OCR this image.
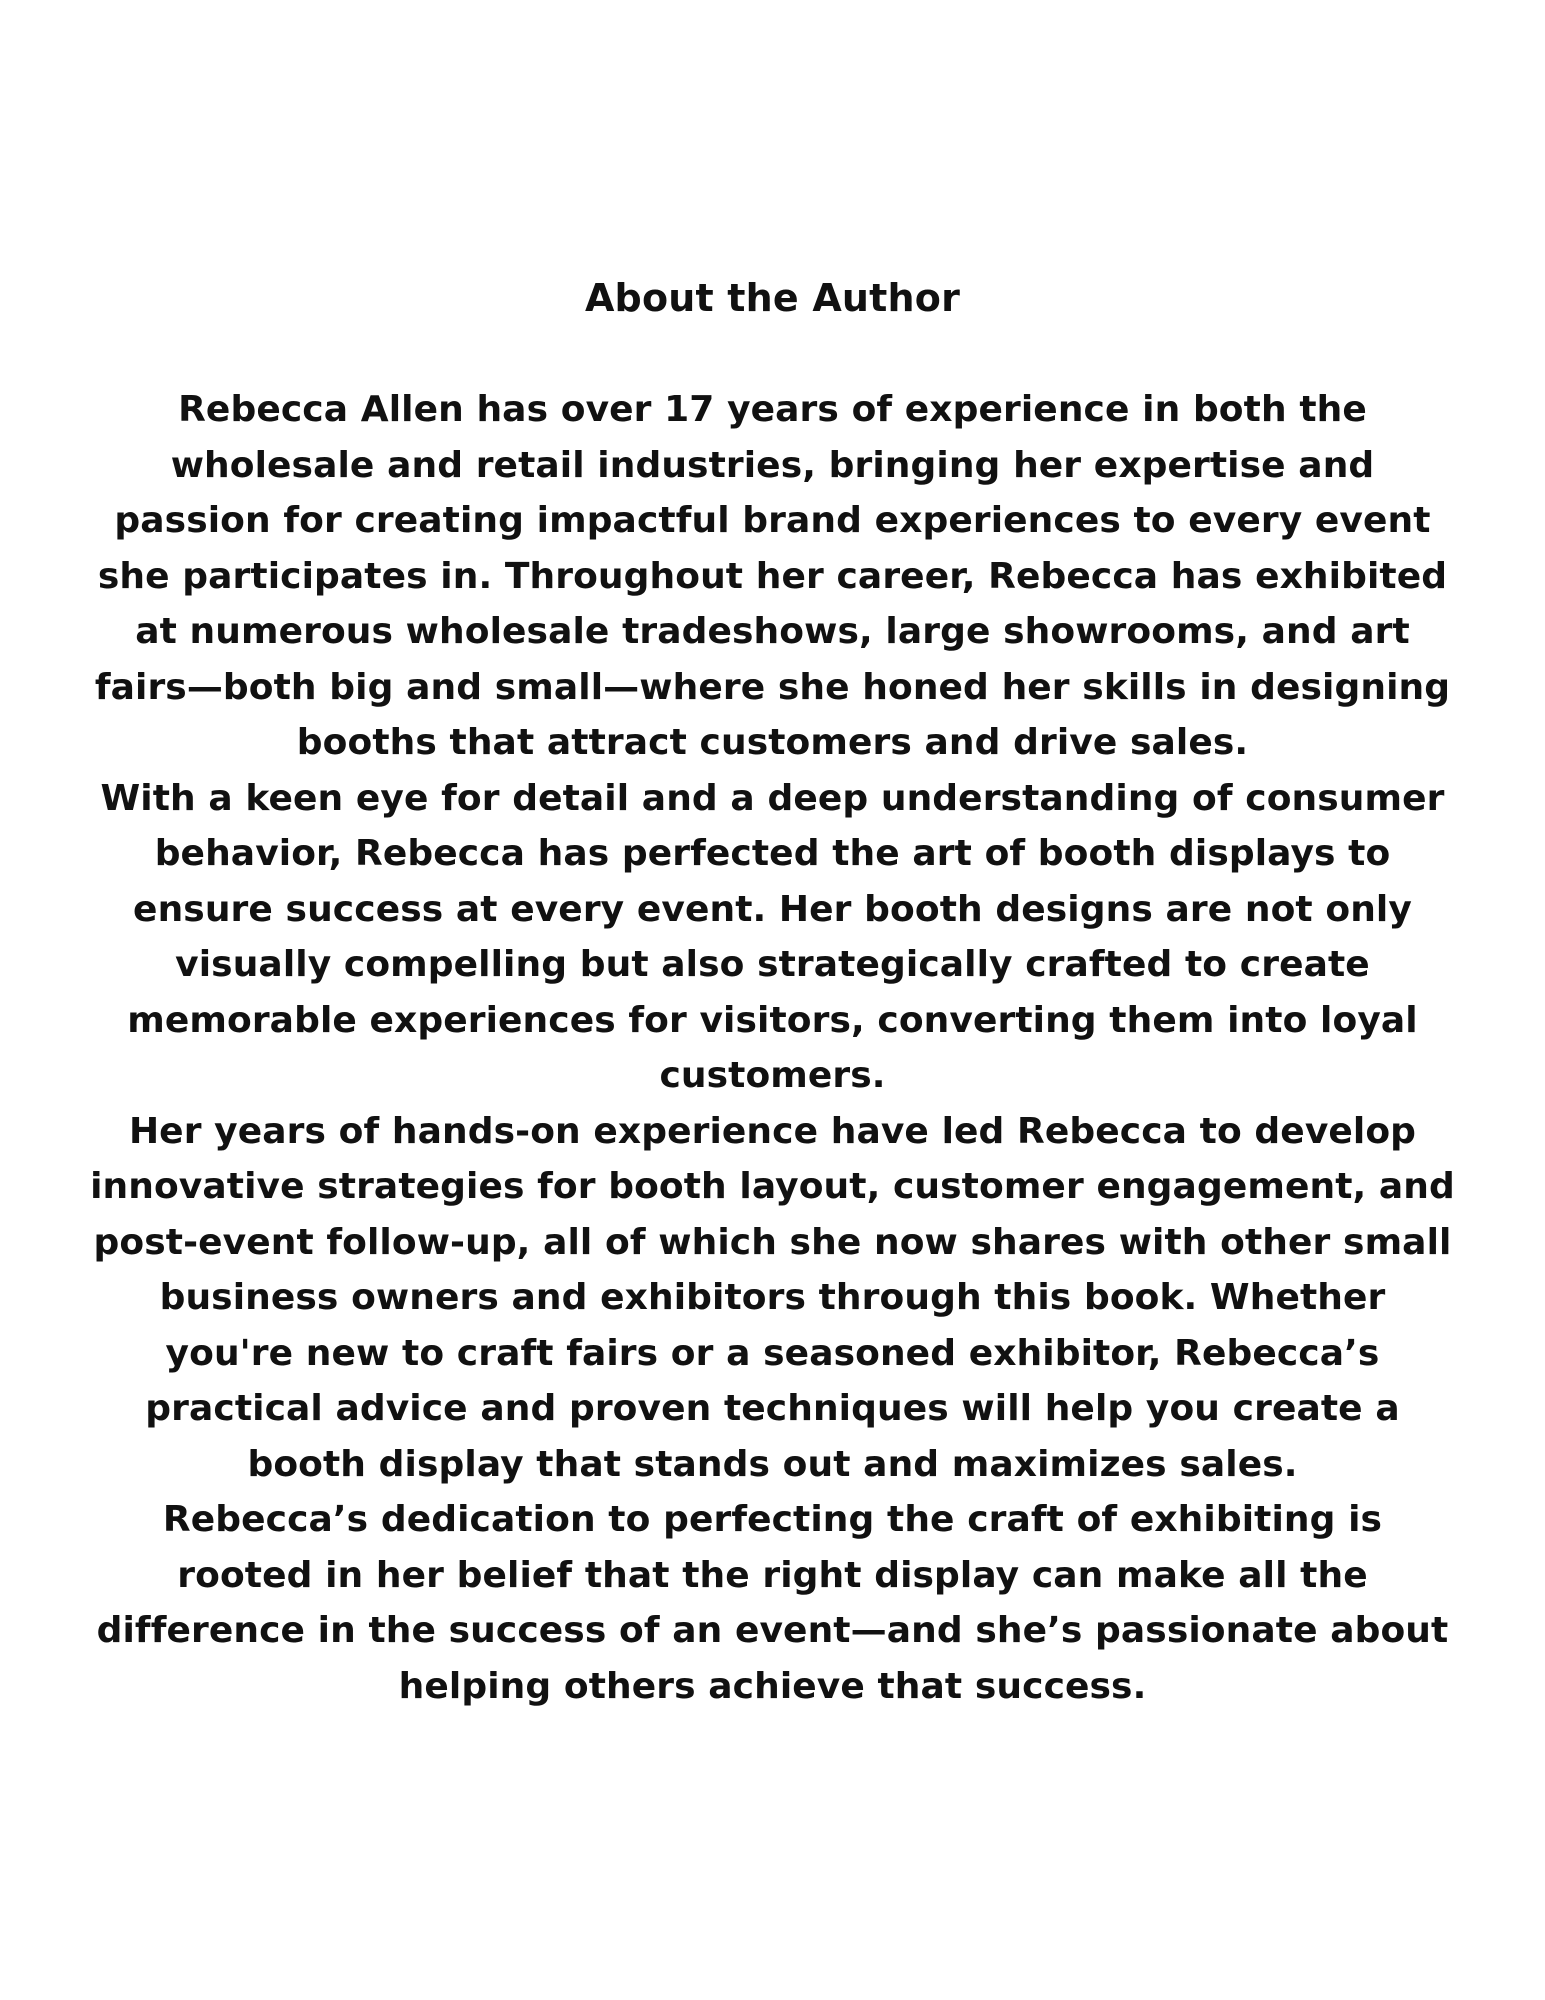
About the Author

Rebecca Allen has over 17 years of experience in both the wholesale and retail industries, bringing her expertise and passion for creating impactful brand experiences to every event she participates in. Throughout her career, Rebecca has exhibited at numerous wholesale tradeshows, large showrooms, and art fairs—both big and small—where she honed her skills in designing booths that attract customers and drive sales.

With a keen eye for detail and a deep understanding of consumer behavior, Rebecca has perfected the art of booth displays to ensure success at every event. Her booth designs are not only visually compelling but also strategically crafted to create memorable experiences for visitors, converting them into loyal customers.

Her years of hands-on experience have led Rebecca to develop innovative strategies for booth layout, customer engagement, and post-event follow-up, all of which she now shares with other small business owners and exhibitors through this book. Whether you're new to craft fairs or a seasoned exhibitor, Rebecca’s practical advice and proven techniques will help you create a booth display that stands out and maximizes sales.

Rebecca’s dedication to perfecting the craft of exhibiting is rooted in her belief that the right display can make all the difference in the success of an event—and she’s passionate about helping others achieve that success.
